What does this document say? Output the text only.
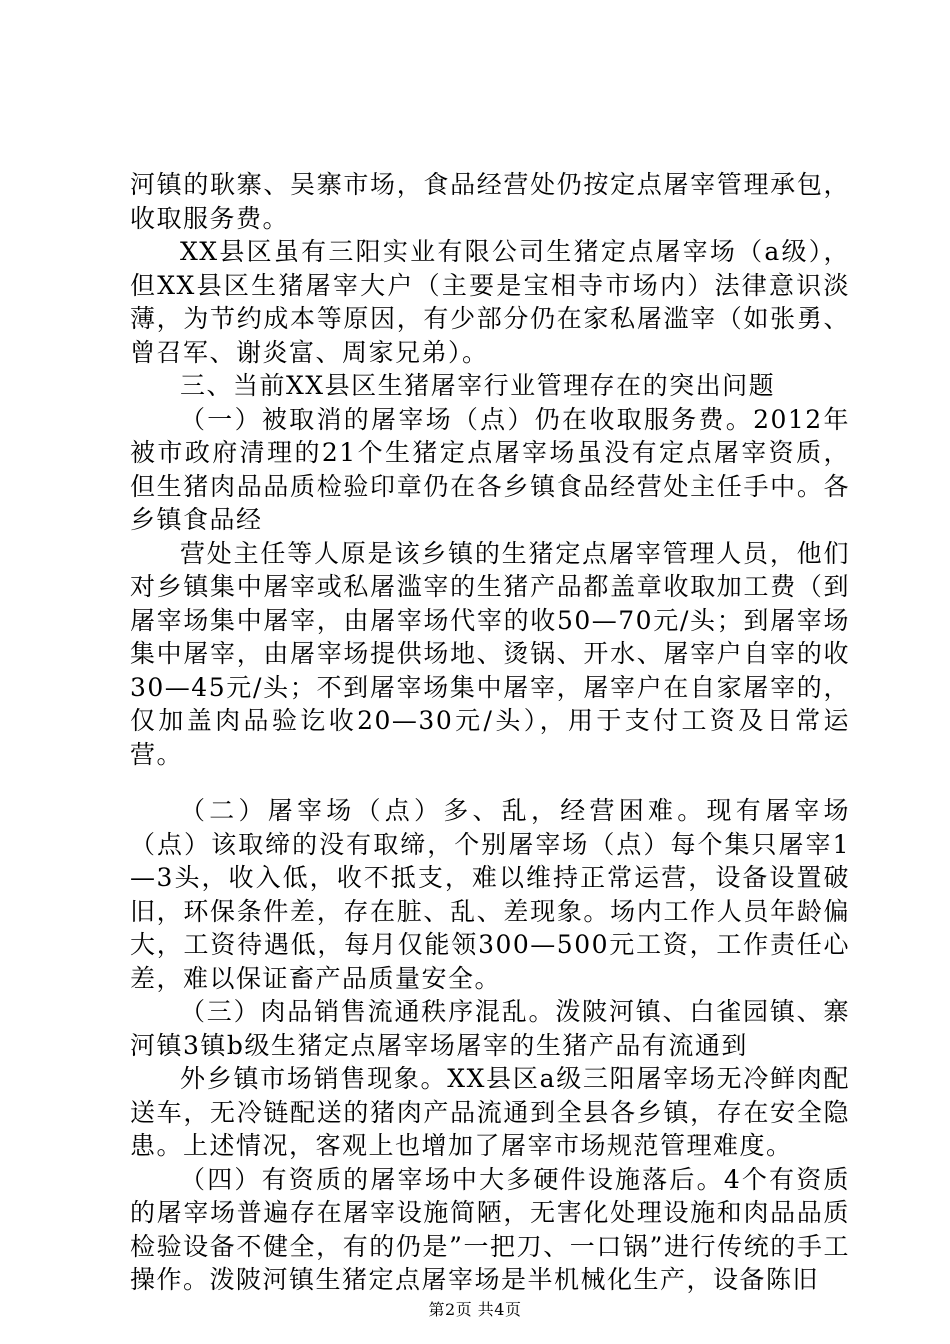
河镇的耿寨、吴寨市场，食品经营处仍按定点屠宰管理承包，收取服务费。

XX县区虽有三阳实业有限公司生猪定点屠宰场（a级），但XX县区生猪屠宰大户（主要是宝相寺市场内）法律意识淡薄，为节约成本等原因，有少部分仍在家私屠滥宰（如张勇、曾召军、谢炎富、周家兄弟）。

三、当前XX县区生猪屠宰行业管理存在的突出问题

（一）被取消的屠宰场（点）仍在收取服务费。2012年被市政府清理的21个生猪定点屠宰场虽没有定点屠宰资质，但生猪肉品品质检验印章仍在各乡镇食品经营处主任手中。各乡镇食品经

营处主任等人原是该乡镇的生猪定点屠宰管理人员，他们对乡镇集中屠宰或私屠滥宰的生猪产品都盖章收取加工费（到屠宰场集中屠宰，由屠宰场代宰的收50—70元/头；到屠宰场集中屠宰，由屠宰场提供场地、烫锅、开水、屠宰户自宰的收30—45元/头；不到屠宰场集中屠宰，屠宰户在自家屠宰的，仅加盖肉品验讫收20—30元/头），用于支付工资及日常运营。

（二）屠宰场（点）多、乱，经营困难。现有屠宰场（点）该取缔的没有取缔，个别屠宰场（点）每个集只屠宰1—3头，收入低，收不抵支，难以维持正常运营，设备设置破旧，环保条件差，存在脏、乱、差现象。场内工作人员年龄偏大，工资待遇低，每月仅能领300—500元工资，工作责任心差，难以保证畜产品质量安全。

（三）肉品销售流通秩序混乱。泼陂河镇、白雀园镇、寨河镇3镇b级生猪定点屠宰场屠宰的生猪产品有流通到

外乡镇市场销售现象。XX县区a级三阳屠宰场无冷鲜肉配送车，无冷链配送的猪肉产品流通到全县各乡镇，存在安全隐患。上述情况，客观上也增加了屠宰市场规范管理难度。

（四）有资质的屠宰场中大多硬件设施落后。4个有资质的屠宰场普遍存在屠宰设施简陋，无害化处理设施和肉品品质检验设备不健全，有的仍是”一把刀、一口锅”进行传统的手工操作。泼陂河镇生猪定点屠宰场是半机械化生产，设备陈旧

第2页 共4页
